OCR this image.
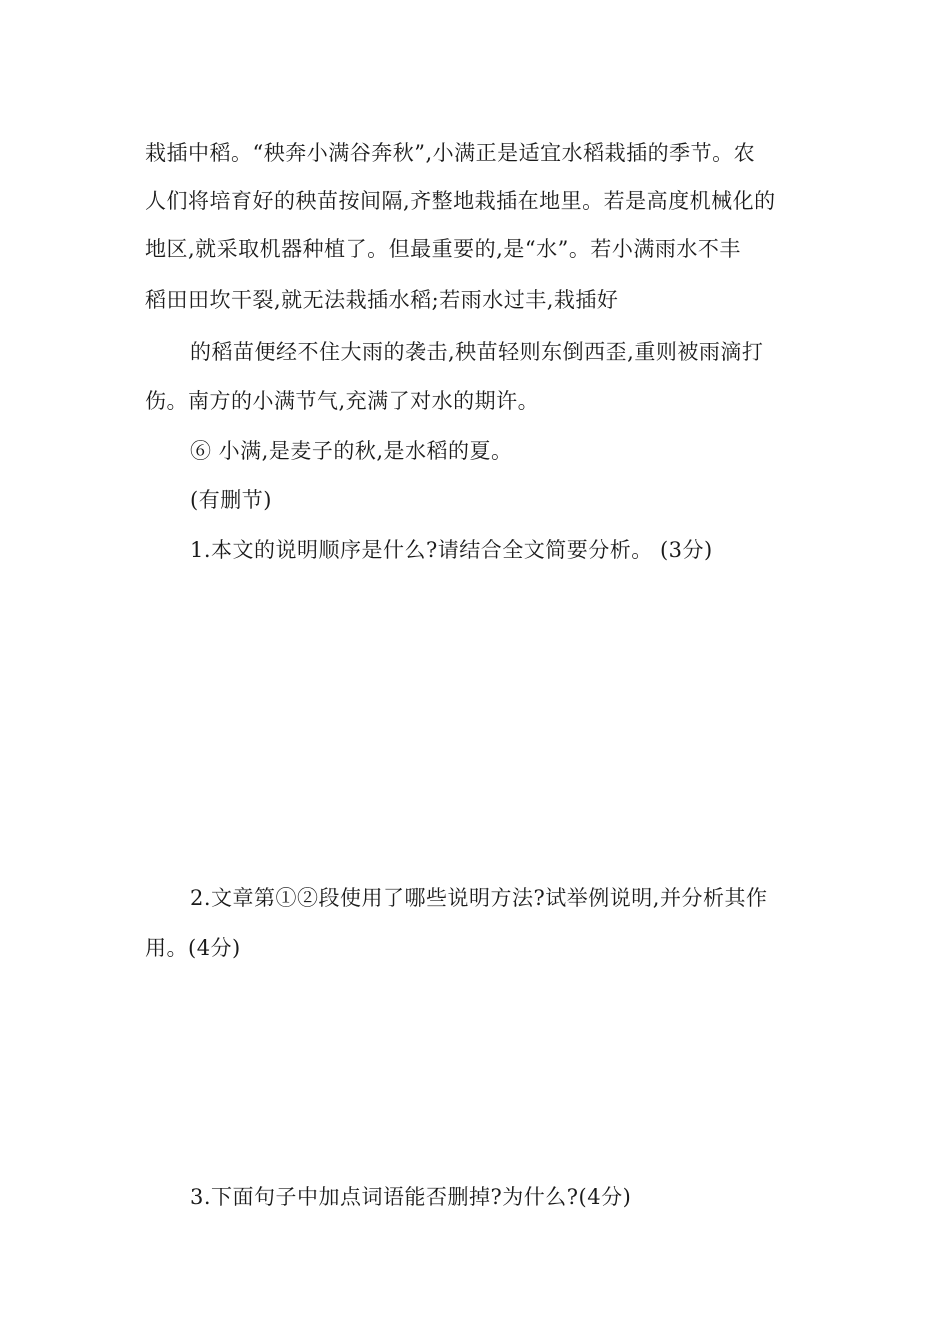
栽插中稻。“秧奔小满谷奔秋”,小满正是适宜水稻栽插的季节。农
人们将培育好的秧苗按间隔,齐整地栽插在地里。若是高度机械化的
地区,就采取机器种植了。但最重要的,是“水”。若小满雨水不丰
稻田田坎干裂,就无法栽插水稻;若雨水过丰,栽插好
的稻苗便经不住大雨的袭击,秧苗轻则东倒西歪,重则被雨滴打
伤。南方的小满节气,充满了对水的期许。
⑥ 小满,是麦子的秋,是水稻的夏。
(有删节)
1.本文的说明顺序是什么?请结合全文简要分析。 (3分)
2.文章第①②段使用了哪些说明方法?试举例说明,并分析其作
用。(4分)
3.下面句子中加点词语能否删掉?为什么?(4分)
